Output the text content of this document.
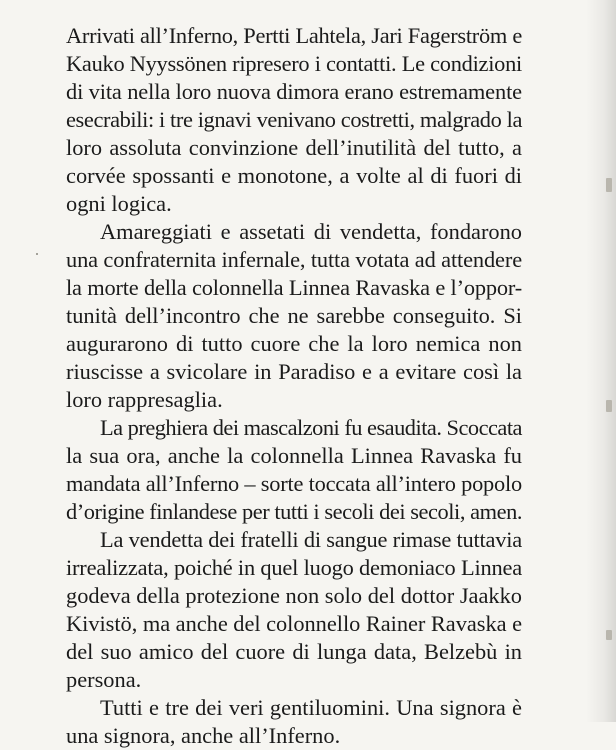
Arrivati all’Inferno, Pertti Lahtela, Jari Fagerström e
Kauko Nyyssönen ripresero i contatti. Le condizioni
di vita nella loro nuova dimora erano estremamente
esecrabili: i tre ignavi venivano costretti, malgrado la
loro assoluta convinzione dell’inutilità del tutto, a
corvée spossanti e monotone, a volte al di fuori di
ogni logica.

Amareggiati e assetati di vendetta, fondarono
una confraternita infernale, tutta votata ad attendere
la morte della colonnella Linnea Ravaska e l’oppor-
tunità dell’incontro che ne sarebbe conseguito. Si
augurarono di tutto cuore che la loro nemica non
riuscisse a svicolare in Paradiso e a evitare così la
loro rappresaglia.

La preghiera dei mascalzoni fu esaudita. Scoccata
la sua ora, anche la colonnella Linnea Ravaska fu
mandata all’Inferno – sorte toccata all’intero popolo
d’origine finlandese per tutti i secoli dei secoli, amen.

La vendetta dei fratelli di sangue rimase tuttavia
irrealizzata, poiché in quel luogo demoniaco Linnea
godeva della protezione non solo del dottor Jaakko
Kivistö, ma anche del colonnello Rainer Ravaska e
del suo amico del cuore di lunga data, Belzebù in
persona.

Tutti e tre dei veri gentiluomini. Una signora è
una signora, anche all’Inferno.
